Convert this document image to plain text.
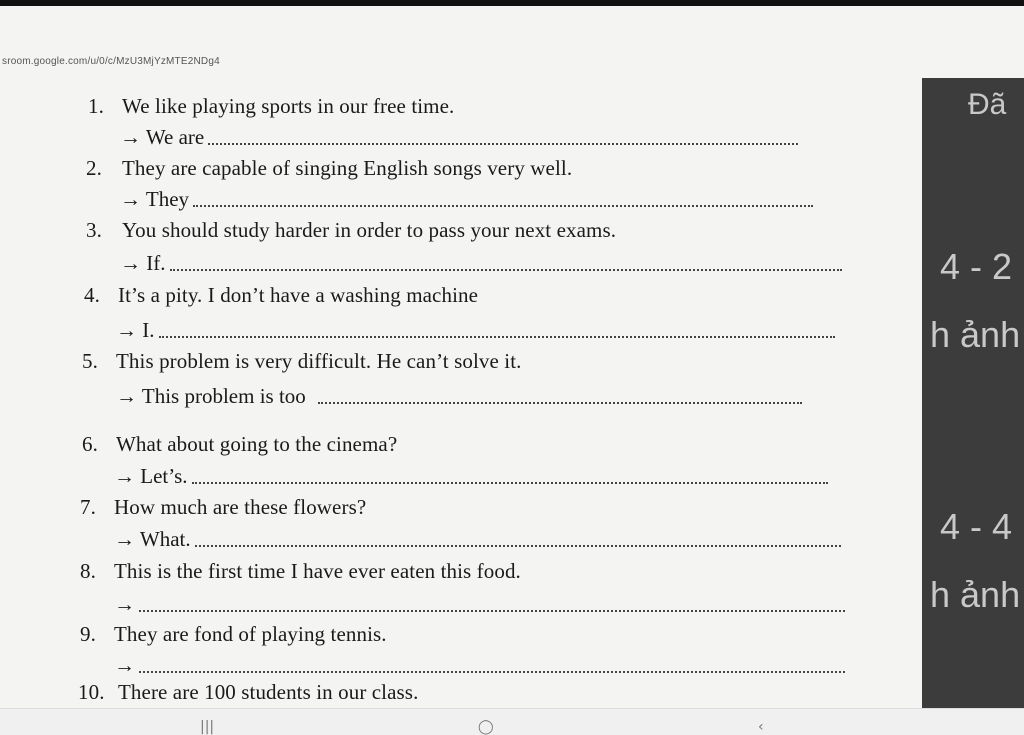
sroom.google.com/u/0/c/MzU3MjYzMTE2NDg4
1. We like playing sports in our free time.
→ We are
2. They are capable of singing English songs very well.
→ They
3. You should study harder in order to pass your next exams.
→ If.
4. It’s a pity. I don’t have a washing machine
→ I.
5. This problem is very difficult. He can’t solve it.
→ This problem is too
6. What about going to the cinema?
→ Let’s.
7. How much are these flowers?
→ What.
8. This is the first time I have ever eaten this food.
→
9. They are fond of playing tennis.
→
10. There are 100 students in our class.
Đã
4 - 2
h ảnh
4 - 4
h ảnh
|||	◯	‹
